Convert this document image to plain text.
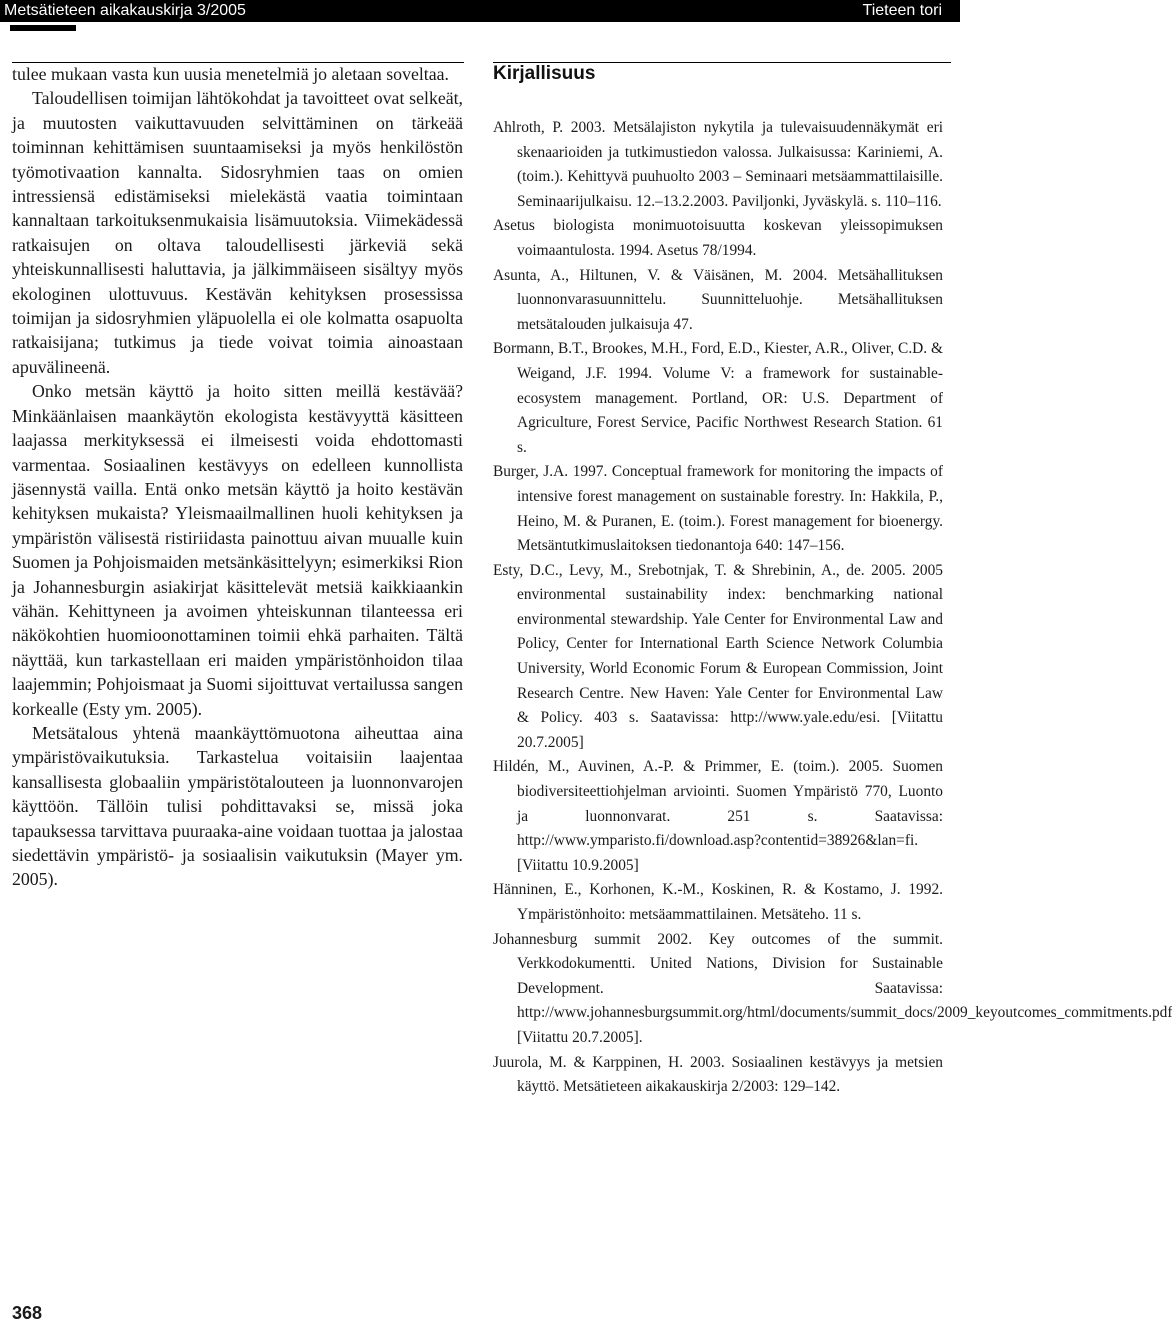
Metsätieteen aikakauskirja 3/2005	Tieteen tori

tulee mukaan vasta kun uusia menetelmiä jo aletaan soveltaa.

Taloudellisen toimijan lähtökohdat ja tavoitteet ovat selkeät, ja muutosten vaikuttavuuden selvittäminen on tärkeää toiminnan kehittämisen suuntaamiseksi ja myös henkilöstön työmotivaation kannalta. Sidosryhmien taas on omien intressiensä edistämiseksi mielekästä vaatia toimintaan kannaltaan tarkoituksenmukaisia lisämuutoksia. Viimekädessä ratkaisujen on oltava taloudellisesti järkeviä sekä yhteiskunnallisesti haluttavia, ja jälkimmäiseen sisältyy myös ekologinen ulottuvuus. Kestävän kehityksen prosessissa toimijan ja sidosryhmien yläpuolella ei ole kolmatta osapuolta ratkaisijana; tutkimus ja tiede voivat toimia ainoastaan apuvälineenä.

Onko metsän käyttö ja hoito sitten meillä kestävää? Minkäänlaisen maankäytön ekologista kestävyyttä käsitteen laajassa merkityksessä ei ilmeisesti voida ehdottomasti varmentaa. Sosiaalinen kestävyys on edelleen kunnollista jäsennystä vailla. Entä onko metsän käyttö ja hoito kestävän kehityksen mukaista? Yleismaailmallinen huoli kehityksen ja ympäristön välisestä ristiriidasta painottuu aivan muualle kuin Suomen ja Pohjoismaiden metsänkäsittelyyn; esimerkiksi Rion ja Johannesburgin asiakirjat käsittelevät metsiä kaikkiaankin vähän. Kehittyneen ja avoimen yhteiskunnan tilanteessa eri näkökohtien huomioonottaminen toimii ehkä parhaiten. Tältä näyttää, kun tarkastellaan eri maiden ympäristönhoidon tilaa laajemmin; Pohjoismaat ja Suomi sijoittuvat vertailussa sangen korkealle (Esty ym. 2005).

Metsätalous yhtenä maankäyttömuotona aiheuttaa aina ympäristövaikutuksia. Tarkastelua voitaisiin laajentaa kansallisesta globaaliin ympäristötalouteen ja luonnonvarojen käyttöön. Tällöin tulisi pohdittavaksi se, missä joka tapauksessa tarvittava puuraaka-aine voidaan tuottaa ja jalostaa siedettävin ympäristö- ja sosiaalisin vaikutuksin (Mayer ym. 2005).

Kirjallisuus

Ahlroth, P. 2003. Metsälajiston nykytila ja tulevaisuudennäkymät eri skenaarioiden ja tutkimustiedon valossa. Julkaisussa: Kariniemi, A. (toim.). Kehittyvä puuhuolto 2003 – Seminaari metsäammattilaisille. Seminaarijulkaisu. 12.–13.2.2003. Paviljonki, Jyväskylä. s. 110–116.

Asetus biologista monimuotoisuutta koskevan yleissopimuksen voimaantulosta. 1994. Asetus 78/1994.

Asunta, A., Hiltunen, V. & Väisänen, M. 2004. Metsähallituksen luonnonvarasuunnittelu. Suunnitteluohje. Metsähallituksen metsätalouden julkaisuja 47.

Bormann, B.T., Brookes, M.H., Ford, E.D., Kiester, A.R., Oliver, C.D. & Weigand, J.F. 1994. Volume V: a framework for sustainable-ecosystem management. Portland, OR: U.S. Department of Agriculture, Forest Service, Pacific Northwest Research Station. 61 s.

Burger, J.A. 1997. Conceptual framework for monitoring the impacts of intensive forest management on sustainable forestry. In: Hakkila, P., Heino, M. & Puranen, E. (toim.). Forest management for bioenergy. Metsäntutkimuslaitoksen tiedonantoja 640: 147–156.

Esty, D.C., Levy, M., Srebotnjak, T. & Shrebinin, A., de. 2005. 2005 environmental sustainability index: benchmarking national environmental stewardship. Yale Center for Environmental Law and Policy, Center for International Earth Science Network Columbia University, World Economic Forum & European Commission, Joint Research Centre. New Haven: Yale Center for Environmental Law & Policy. 403 s. Saatavissa: http://www.yale.edu/esi. [Viitattu 20.7.2005]

Hildén, M., Auvinen, A.-P. & Primmer, E. (toim.). 2005. Suomen biodiversiteettiohjelman arviointi. Suomen Ympäristö 770, Luonto ja luonnonvarat. 251 s. Saatavissa: http://www.ymparisto.fi/download.asp?contentid=38926&lan=fi. [Viitattu 10.9.2005]

Hänninen, E., Korhonen, K.-M., Koskinen, R. & Kostamo, J. 1992. Ympäristönhoito: metsäammattilainen. Metsäteho. 11 s.

Johannesburg summit 2002. Key outcomes of the summit. Verkkodokumentti. United Nations, Division for Sustainable Development. Saatavissa: http://www.johannesburgsummit.org/html/documents/summit_docs/2009_keyoutcomes_commitments.pdf [Viitattu 20.7.2005].

Juurola, M. & Karppinen, H. 2003. Sosiaalinen kestävyys ja metsien käyttö. Metsätieteen aikakauskirja 2/2003: 129–142.

368
